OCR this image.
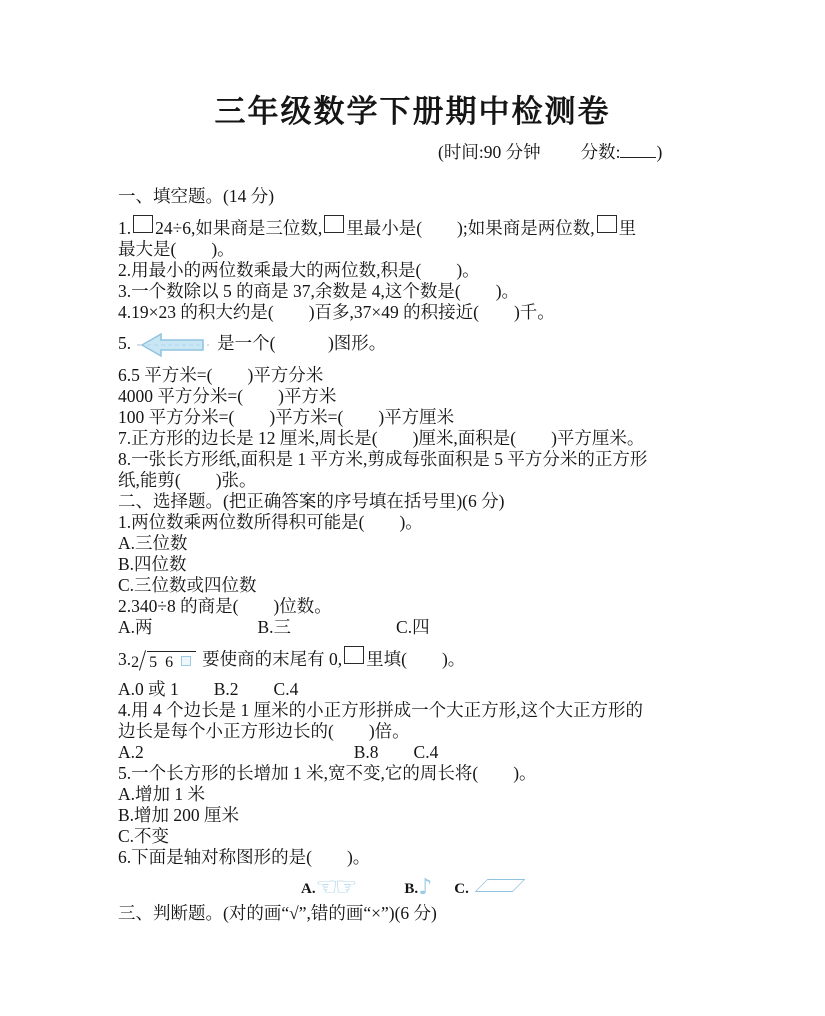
三年级数学下册期中检测卷
(时间:90 分钟 分数: )

一、填空题。(14 分)

1. 24÷6,如果商是三位数, 里最小是(　　);如果商是两位数, 里

最大是(　　)。

2.用最小的两位数乘最大的两位数,积是(　　)。

3.一个数除以 5 的商是 37,余数是 4,这个数是(　　)。

4.19×23 的积大约是(　　)百多,37×49 的积接近(　　)千。

5.	是一个(　　　)图形。

6.5 平方米=(　　)平方分米

4000 平方分米=(　　)平方米

100 平方分米=(　　)平方米=(　　)平方厘米

7.正方形的边长是 12 厘米,周长是(　　)厘米,面积是(　　)平方厘米。

8.一张长方形纸,面积是 1 平方米,剪成每张面积是 5 平方分米的正方形

纸,能剪(　　)张。

二、选择题。(把正确答案的序号填在括号里)(6 分)

1.两位数乘两位数所得积可能是(　　)。

A.三位数

B.四位数

C.三位数或四位数

2.340÷8 的商是(　　)位数。

A.两　　　　　　B.三　　　　　　C.四

3.2 5 6 要使商的末尾有 0, 里填(　　)。

A.0 或 1　　B.2　　C.4

4.用 4 个边长是 1 厘米的小正方形拼成一个大正方形,这个大正方形的

边长是每个小正方形边长的(　　)倍。

A.2　　　　　　　　　　　　B.8　　C.4

5.一个长方形的长增加 1 米,宽不变,它的周长将(　　)。

A.增加 1 米

B.增加 200 厘米

C.不变

6.下面是轴对称图形的是(　　)。

A.☜☞	B.♪ C.

三、判断题。(对的画“√”,错的画“×”)(6 分)
